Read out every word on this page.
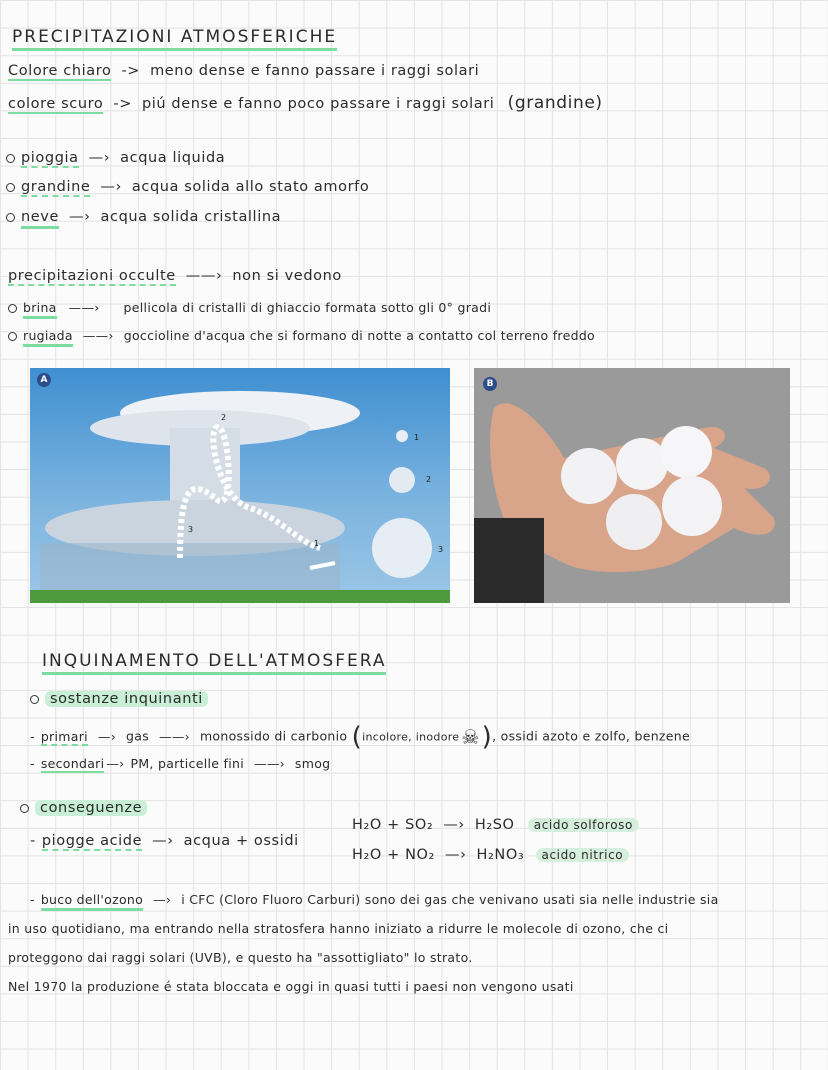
PRECIPITAZIONI ATMOSFERICHE
Colore chiaro -> meno dense e fanno passare i raggi solari
colore scuro -> piú dense e fanno poco passare i raggi solari (grandine)
pioggia —› acqua liquida
grandine —› acqua solida allo stato amorfo
neve —› acqua solida cristallina
precipitazioni occulte ——› non si vedono
brina ——› pellicola di cristalli di ghiaccio formata sotto gli 0° gradi
rugiada ——› goccioline d'acqua che si formano di notte a contatto col terreno freddo
2
3
1
1
2
3
A	B
INQUINAMENTO DELL'ATMOSFERA
sostanze inquinanti
- primari —› gas ——› monossido di carbonio (incolore, inodore ☠), ossidi azoto e zolfo, benzene
- secondari —› PM, particelle fini ——› smog
conseguenze
- piogge acide —› acqua + ossidi
H₂O + SO₂ —› H₂SO acido solforoso
H₂O + NO₂ —› H₂NO₃ acido nitrico
- buco dell'ozono —› i CFC (Cloro Fluoro Carburi) sono dei gas che venivano usati sia nelle industrie sia
in uso quotidiano, ma entrando nella stratosfera hanno iniziato a ridurre le molecole di ozono, che ci
proteggono dai raggi solari (UVB), e questo ha "assottigliato" lo strato.
Nel 1970 la produzione é stata bloccata e oggi in quasi tutti i paesi non vengono usati
